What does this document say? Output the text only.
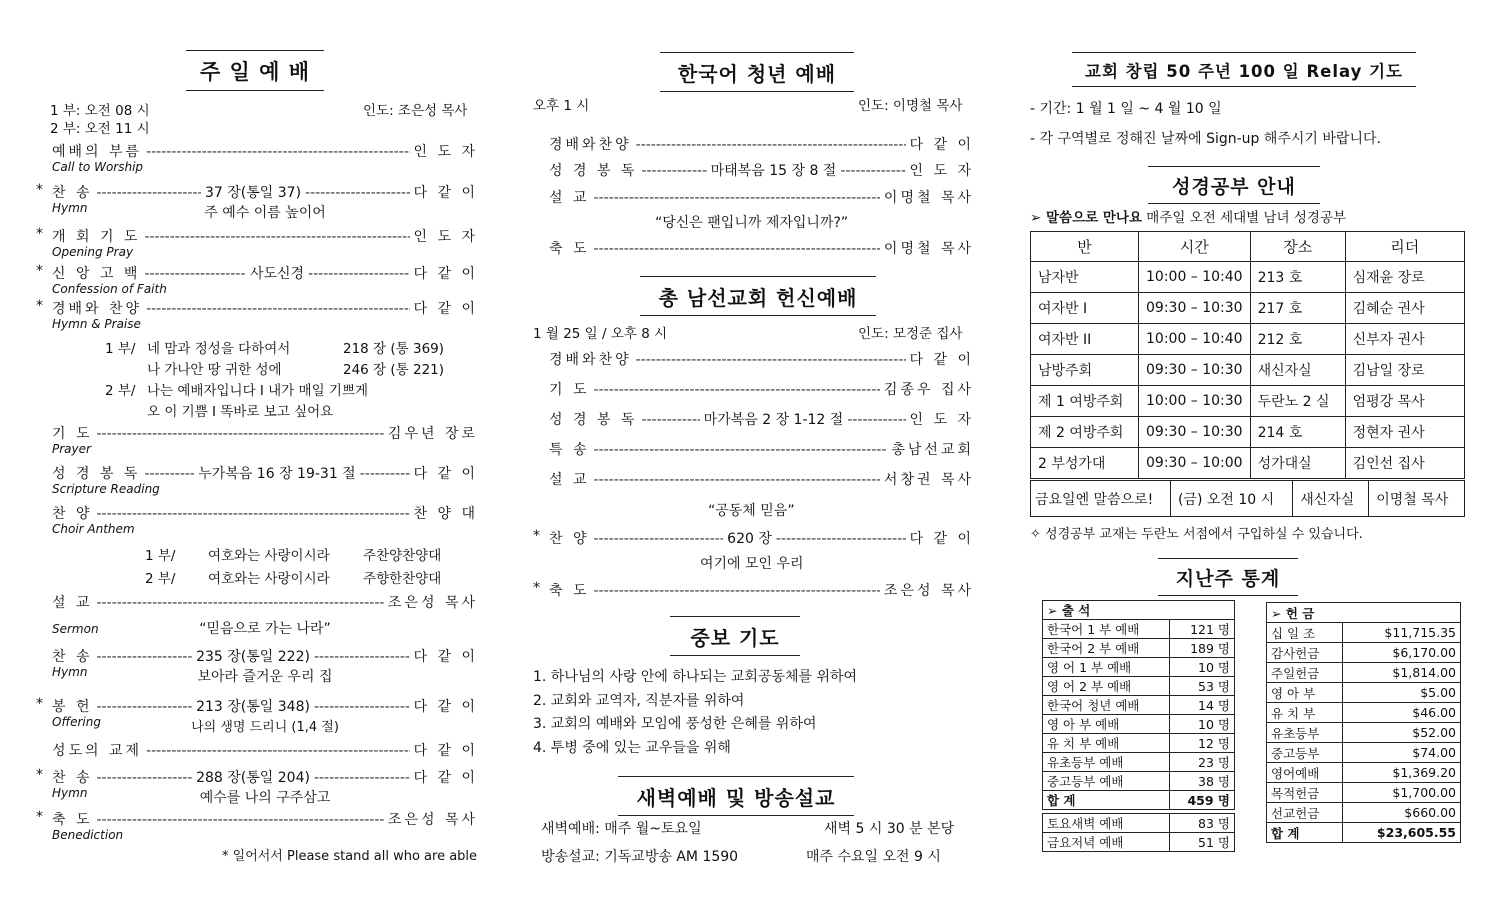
주 일 예 배
1 부: 오전 08 시
2 부: 오전 11 시
인도: 조은성 목사
예배의 부름 -----	인 도 자
Call to Worship
* 찬 송 -----	37 장(통일 37) -----	다 같 이
Hymn	주 예수 이름 높이어
* 개 회 기 도 -----	인 도 자
Opening Pray
* 신 앙 고 백 -----	사도신경 -----	다 같 이
Confession of Faith
* 경배와 찬양 -----	다 같 이
Hymn & Praise
기 도 -----	김우년 장로
Prayer
성 경 봉 독 -----	누가복음 16 장 19-31 절 -----	다 같 이
Scripture Reading
찬 양 -----	찬 양 대
Choir Anthem
설 교 -----	조은성 목사
Sermon	“믿음으로 가는 나라”
찬 송 -----	235 장(통일 222) -----	다 같 이
Hymn	보아라 즐거운 우리 집
* 봉 헌 -----	213 장(통일 348) -----	다 같 이
Offering	나의 생명 드리니 (1,4 절)
성도의 교제 -----	다 같 이
* 찬 송 -----	288 장(통일 204) -----	다 같 이
Hymn	예수를 나의 구주삼고
* 축 도 -----	조은성 목사
Benediction
1 부/ 네 맘과 정성을 다하여서	218 장 (통 369)
나 가나안 땅 귀한 성에	246 장 (통 221)
2 부/ 나는 예배자입니다 I 내가 매일 기쁘게
오 이 기쁨 I 똑바로 보고 싶어요
1 부/ 여호와는 사랑이시라 주찬양찬양대
2 부/ 여호와는 사랑이시라 주향한찬양대
* 일어서서 Please stand all who are able
한국어 청년 예배
오후 1 시	인도: 이명철 목사
경배와찬양 -----	다 같 이
성 경 봉 독 -----	마태복음 15 장 8 절 -----	인 도 자
설 교 -----	이명철 목사
축 도 -----	이명철 목사
“당신은 팬입니까 제자입니까?”
총 남선교회 헌신예배
1 월 25 일 / 오후 8 시	인도: 모정준 집사
경배와찬양 -----	다 같 이
기 도 -----	김종우 집사
성 경 봉 독 -----	마가복음 2 장 1-12 절 -----	인 도 자
특 송 -----	총남선교회
설 교 -----	서창권 목사
* 찬 양 -----	620 장 -----	다 같 이
* 축 도 -----	조은성 목사
“공동체 믿음”
여기에 모인 우리
중보 기도
1. 하나님의 사랑 안에 하나되는 교회공동체를 위하여
2. 교회와 교역자, 직분자를 위하여
3. 교회의 예배와 모임에 풍성한 은혜를 위하여
4. 투병 중에 있는 교우들을 위해
새벽예배 및 방송설교
새벽예배: 매주 월~토요일	새벽 5 시 30 분 본당
방송설교: 기독교방송 AM 1590	매주 수요일 오전 9 시
교회 창립 50 주년 100 일 Relay 기도
- 기간: 1 월 1 일 ~ 4 월 10 일
- 각 구역별로 정해진 날짜에 Sign-up 해주시기 바랍니다.
성경공부 안내
➢ 말씀으로 만나요 매주일 오전 세대별 남녀 성경공부
반	시간	장소	리더
남자반	10:00 – 10:40	213 호	심재윤 장로
여자반 I	09:30 – 10:30	217 호	김혜순 권사
여자반 II	10:00 – 10:40	212 호	신부자 권사
남방주회	09:30 – 10:30	새신자실	김남일 장로
제 1 여방주회	10:00 – 10:30	두란노 2 실	엄평강 목사
제 2 여방주회	09:30 – 10:30	214 호	정현자 권사
2 부성가대	09:30 – 10:00	성가대실	김인선 집사
금요일엔 말씀으로!	(금) 오전 10 시	새신자실	이명철 목사
✧ 성경공부 교재는 두란노 서점에서 구입하실 수 있습니다.
지난주 통계
➢ 출 석	
한국어 1 부 예배	121 명
한국어 2 부 예배	189 명
영 어 1 부 예배	10 명
영 어 2 부 예배	53 명
한국어 청년 예배	14 명
영 아 부 예배	10 명
유 치 부 예배	12 명
유초등부 예배	23 명
중고등부 예배	38 명
합 계	459 명

토요새벽 예배	83 명
금요저녁 예배	51 명
➢ 헌 금	
십 일 조	$11,715.35
감사헌금	$6,170.00
주일헌금	$1,814.00
영 아 부	$5.00
유 치 부	$46.00
유초등부	$52.00
중고등부	$74.00
영어예배	$1,369.20
목적헌금	$1,700.00
선교헌금	$660.00
합 계	$23,605.55
